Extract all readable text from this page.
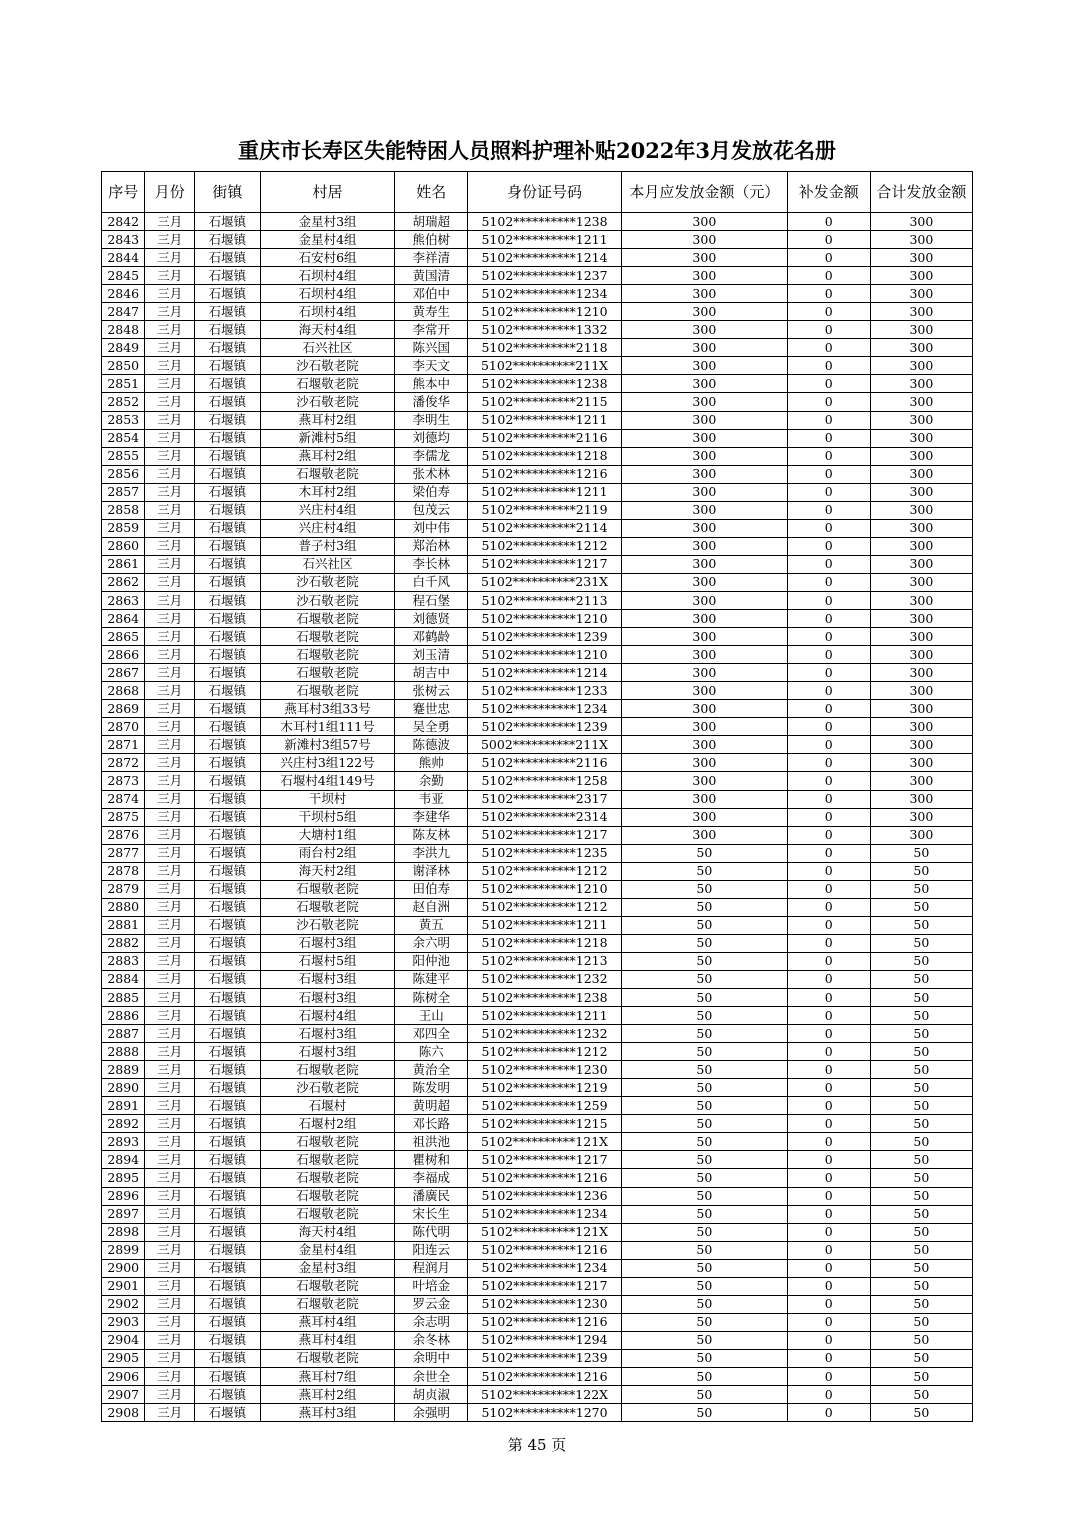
重庆市长寿区失能特困人员照料护理补贴2022年3月发放花名册
序号	月份	街镇	村居	姓名	身份证号码	本月应发放金额（元）	补发金额	合计发放金额
2842	三月	石堰镇	金星村3组	胡瑞超	5102**********1238	300	0	300
2843	三月	石堰镇	金星村4组	熊伯树	5102**********1211	300	0	300
2844	三月	石堰镇	石安村6组	李祥清	5102**********1214	300	0	300
2845	三月	石堰镇	石坝村4组	黄国清	5102**********1237	300	0	300
2846	三月	石堰镇	石坝村4组	邓伯中	5102**********1234	300	0	300
2847	三月	石堰镇	石坝村4组	黄寿生	5102**********1210	300	0	300
2848	三月	石堰镇	海天村4组	李常开	5102**********1332	300	0	300
2849	三月	石堰镇	石兴社区	陈兴国	5102**********2118	300	0	300
2850	三月	石堰镇	沙石敬老院	李天文	5102**********211X	300	0	300
2851	三月	石堰镇	石堰敬老院	熊本中	5102**********1238	300	0	300
2852	三月	石堰镇	沙石敬老院	潘俊华	5102**********2115	300	0	300
2853	三月	石堰镇	燕耳村2组	李明生	5102**********1211	300	0	300
2854	三月	石堰镇	新滩村5组	刘德均	5102**********2116	300	0	300
2855	三月	石堰镇	燕耳村2组	李儒龙	5102**********1218	300	0	300
2856	三月	石堰镇	石堰敬老院	张术林	5102**********1216	300	0	300
2857	三月	石堰镇	木耳村2组	梁伯寿	5102**********1211	300	0	300
2858	三月	石堰镇	兴庄村4组	包茂云	5102**********2119	300	0	300
2859	三月	石堰镇	兴庄村4组	刘中伟	5102**********2114	300	0	300
2860	三月	石堰镇	普子村3组	郑治林	5102**********1212	300	0	300
2861	三月	石堰镇	石兴社区	李长林	5102**********1217	300	0	300
2862	三月	石堰镇	沙石敬老院	白千风	5102**********231X	300	0	300
2863	三月	石堰镇	沙石敬老院	程石堡	5102**********2113	300	0	300
2864	三月	石堰镇	石堰敬老院	刘德贤	5102**********1210	300	0	300
2865	三月	石堰镇	石堰敬老院	邓鹤龄	5102**********1239	300	0	300
2866	三月	石堰镇	石堰敬老院	刘玉清	5102**********1210	300	0	300
2867	三月	石堰镇	石堰敬老院	胡吉中	5102**********1214	300	0	300
2868	三月	石堰镇	石堰敬老院	张树云	5102**********1233	300	0	300
2869	三月	石堰镇	燕耳村3组33号	蹇世忠	5102**********1234	300	0	300
2870	三月	石堰镇	木耳村1组111号	吴全勇	5102**********1239	300	0	300
2871	三月	石堰镇	新滩村3组57号	陈德波	5002**********211X	300	0	300
2872	三月	石堰镇	兴庄村3组122号	熊帅	5102**********2116	300	0	300
2873	三月	石堰镇	石堰村4组149号	余勤	5102**********1258	300	0	300
2874	三月	石堰镇	干坝村	韦亚	5102**********2317	300	0	300
2875	三月	石堰镇	干坝村5组	李建华	5102**********2314	300	0	300
2876	三月	石堰镇	大塘村1组	陈友林	5102**********1217	300	0	300
2877	三月	石堰镇	雨台村2组	李洪九	5102**********1235	50	0	50
2878	三月	石堰镇	海天村2组	谢泽林	5102**********1212	50	0	50
2879	三月	石堰镇	石堰敬老院	田伯寿	5102**********1210	50	0	50
2880	三月	石堰镇	石堰敬老院	赵自洲	5102**********1212	50	0	50
2881	三月	石堰镇	沙石敬老院	黄五	5102**********1211	50	0	50
2882	三月	石堰镇	石堰村3组	余六明	5102**********1218	50	0	50
2883	三月	石堰镇	石堰村5组	阳仲池	5102**********1213	50	0	50
2884	三月	石堰镇	石堰村3组	陈建平	5102**********1232	50	0	50
2885	三月	石堰镇	石堰村3组	陈树全	5102**********1238	50	0	50
2886	三月	石堰镇	石堰村4组	王山	5102**********1211	50	0	50
2887	三月	石堰镇	石堰村3组	邓四全	5102**********1232	50	0	50
2888	三月	石堰镇	石堰村3组	陈六	5102**********1212	50	0	50
2889	三月	石堰镇	石堰敬老院	黄治全	5102**********1230	50	0	50
2890	三月	石堰镇	沙石敬老院	陈发明	5102**********1219	50	0	50
2891	三月	石堰镇	石堰村	黄明超	5102**********1259	50	0	50
2892	三月	石堰镇	石堰村2组	邓长路	5102**********1215	50	0	50
2893	三月	石堰镇	石堰敬老院	祖洪池	5102**********121X	50	0	50
2894	三月	石堰镇	石堰敬老院	瞿树和	5102**********1217	50	0	50
2895	三月	石堰镇	石堰敬老院	李福成	5102**********1216	50	0	50
2896	三月	石堰镇	石堰敬老院	潘廣民	5102**********1236	50	0	50
2897	三月	石堰镇	石堰敬老院	宋长生	5102**********1234	50	0	50
2898	三月	石堰镇	海天村4组	陈代明	5102**********121X	50	0	50
2899	三月	石堰镇	金星村4组	阳连云	5102**********1216	50	0	50
2900	三月	石堰镇	金星村3组	程润月	5102**********1234	50	0	50
2901	三月	石堰镇	石堰敬老院	叶培金	5102**********1217	50	0	50
2902	三月	石堰镇	石堰敬老院	罗云金	5102**********1230	50	0	50
2903	三月	石堰镇	燕耳村4组	余志明	5102**********1216	50	0	50
2904	三月	石堰镇	燕耳村4组	余冬林	5102**********1294	50	0	50
2905	三月	石堰镇	石堰敬老院	余明中	5102**********1239	50	0	50
2906	三月	石堰镇	燕耳村7组	余世全	5102**********1216	50	0	50
2907	三月	石堰镇	燕耳村2组	胡贞淑	5102**********122X	50	0	50
2908	三月	石堰镇	燕耳村3组	余强明	5102**********1270	50	0	50
第 45 页
